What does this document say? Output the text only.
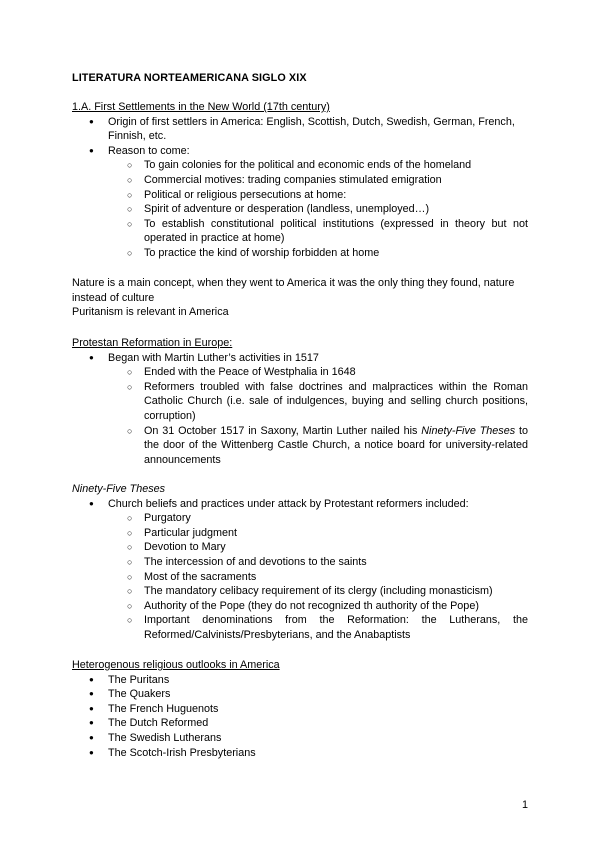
LITERATURA NORTEAMERICANA SIGLO XIX

1.A. First Settlements in the New World (17th century)

● Origin of first settlers in America: English, Scottish, Dutch, Swedish, German, French, Finnish, etc.
● Reason to come:
○ To gain colonies for the political and economic ends of the homeland
○ Commercial motives: trading companies stimulated emigration
○ Political or religious persecutions at home:
○ Spirit of adventure or desperation (landless, unemployed…)
○ To establish constitutional political institutions (expressed in theory but not operated in practice at home)
○ To practice the kind of worship forbidden at home

Nature is a main concept, when they went to America it was the only thing they found, nature instead of culture

Puritanism is relevant in America

Protestan Reformation in Europe:

● Began with Martin Luther’s activities in 1517
○ Ended with the Peace of Westphalia in 1648
○ Reformers troubled with false doctrines and malpractices within the Roman Catholic Church (i.e. sale of indulgences, buying and selling church positions, corruption)
○ On 31 October 1517 in Saxony, Martin Luther nailed his Ninety-Five Theses to the door of the Wittenberg Castle Church, a notice board for university-related announcements

Ninety-Five Theses

● Church beliefs and practices under attack by Protestant reformers included:
○ Purgatory
○ Particular judgment
○ Devotion to Mary
○ The intercession of and devotions to the saints
○ Most of the sacraments
○ The mandatory celibacy requirement of its clergy (including monasticism)
○ Authority of the Pope (they do not recognized th authority of the Pope)
○ Important denominations from the Reformation: the Lutherans, the Reformed/Calvinists/Presbyterians, and the Anabaptists

Heterogenous religious outlooks in America

● The Puritans
● The Quakers
● The French Huguenots
● The Dutch Reformed
● The Swedish Lutherans
● The Scotch-Irish Presbyterians
1
